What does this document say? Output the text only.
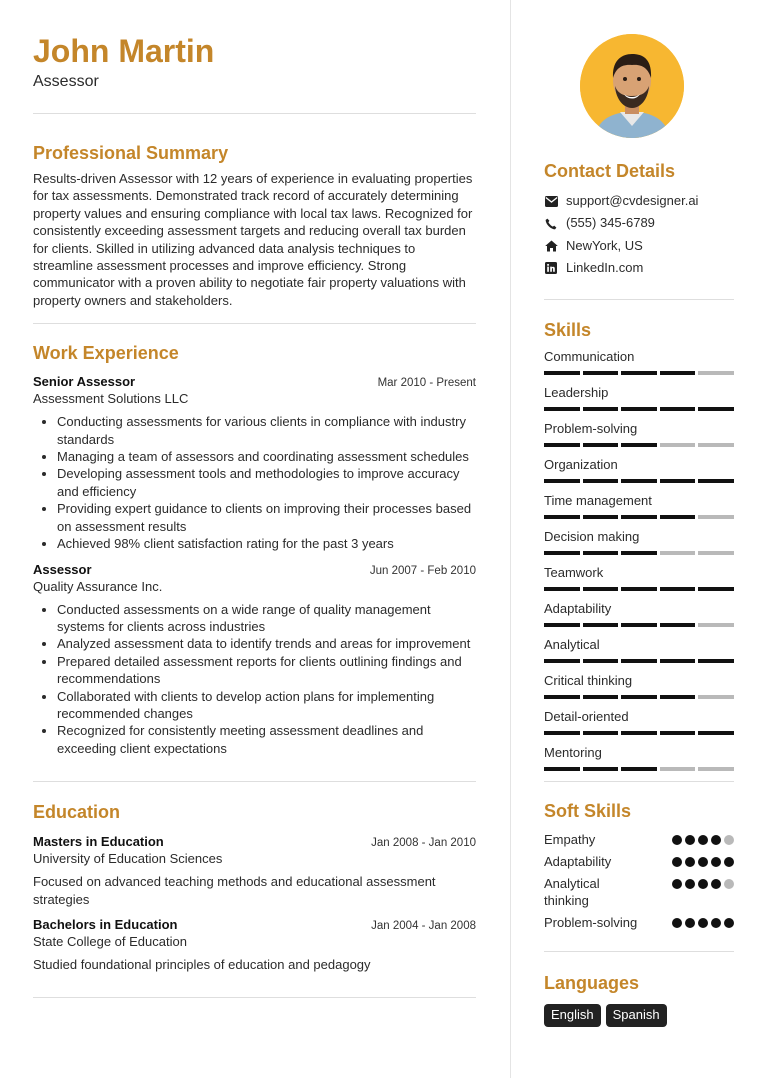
John Martin
Assessor
Professional Summary
Results-driven Assessor with 12 years of experience in evaluating properties for tax assessments. Demonstrated track record of accurately determining property values and ensuring compliance with local tax laws. Recognized for consistently exceeding assessment targets and reducing overall tax burden for clients. Skilled in utilizing advanced data analysis techniques to streamline assessment processes and improve efficiency. Strong communicator with a proven ability to negotiate fair property valuations with property owners and stakeholders.
Work Experience
Senior Assessor	Mar 2010 - Present
Assessment Solutions LLC
• Conducting assessments for various clients in compliance with industry standards
• Managing a team of assessors and coordinating assessment schedules
• Developing assessment tools and methodologies to improve accuracy and efficiency
• Providing expert guidance to clients on improving their processes based on assessment results
• Achieved 98% client satisfaction rating for the past 3 years
Assessor	Jun 2007 - Feb 2010
Quality Assurance Inc.
• Conducted assessments on a wide range of quality management systems for clients across industries
• Analyzed assessment data to identify trends and areas for improvement
• Prepared detailed assessment reports for clients outlining findings and recommendations
• Collaborated with clients to develop action plans for implementing recommended changes
• Recognized for consistently meeting assessment deadlines and exceeding client expectations
Education
Masters in Education	Jan 2008 - Jan 2010
University of Education Sciences
Focused on advanced teaching methods and educational assessment strategies
Bachelors in Education	Jan 2004 - Jan 2008
State College of Education
Studied foundational principles of education and pedagogy
Contact Details
support@cvdesigner.ai
(555) 345-6789
NewYork, US
LinkedIn.com
Skills
Communication
Leadership
Problem-solving
Organization
Time management
Decision making
Teamwork
Adaptability
Analytical
Critical thinking
Detail-oriented
Mentoring
Soft Skills
Empathy
Adaptability
Analytical thinking
Problem-solving
Languages
English	Spanish
